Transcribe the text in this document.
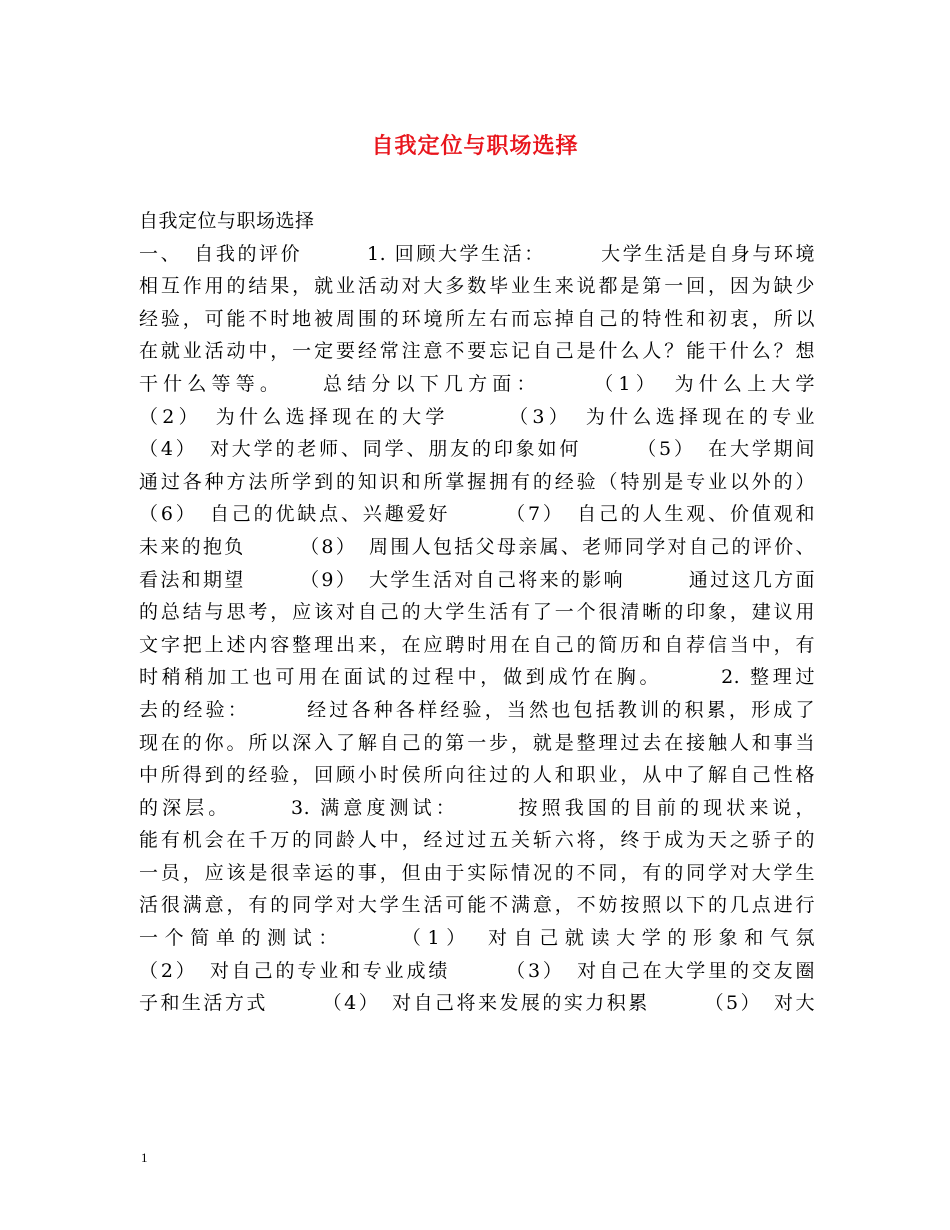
自我定位与职场选择
自我定位与职场选择
一、　自我的评价　　　1. 回顾大学生活：　　　大学生活是自身与环境
相互作用的结果，就业活动对大多数毕业生来说都是第一回，因为缺少
经验，可能不时地被周围的环境所左右而忘掉自己的特性和初衷，所以
在就业活动中，一定要经常注意不要忘记自己是什么人？能干什么？想
干什么等等。　　总结分以下几方面：　　　（1）　为什么上大学
（2）　为什么选择现在的大学　　　（3）　为什么选择现在的专业
（4）　对大学的老师、同学、朋友的印象如何　　　（5）　在大学期间
通过各种方法所学到的知识和所掌握拥有的经验（特别是专业以外的）
（6）　自己的优缺点、兴趣爱好　　　（7）　自己的人生观、价值观和
未来的抱负　　　（8）　周围人包括父母亲属、老师同学对自己的评价、
看法和期望　　　（9）　大学生活对自己将来的影响　　　通过这几方面
的总结与思考，应该对自己的大学生活有了一个很清晰的印象，建议用
文字把上述内容整理出来，在应聘时用在自己的简历和自荐信当中，有
时稍稍加工也可用在面试的过程中，做到成竹在胸。　　　2. 整理过
去的经验：　　　经过各种各样经验，当然也包括教训的积累，形成了
现在的你。所以深入了解自己的第一步，就是整理过去在接触人和事当
中所得到的经验，回顾小时侯所向往过的人和职业，从中了解自己性格
的深层。　　　3. 满意度测试：　　　按照我国的目前的现状来说，
能有机会在千万的同龄人中，经过过五关斩六将，终于成为天之骄子的
一员，应该是很幸运的事，但由于实际情况的不同，有的同学对大学生
活很满意，有的同学对大学生活可能不满意，不妨按照以下的几点进行
一个简单的测试：　　　（1）　对自己就读大学的形象和气氛
（2）　对自己的专业和专业成绩　　　（3）　对自己在大学里的交友圈
子和生活方式　　　（4）　对自己将来发展的实力积累　　　（5）　对大
1
